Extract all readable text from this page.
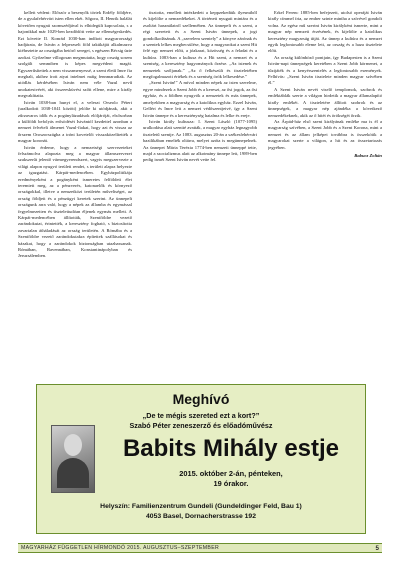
kellett védeni: Először a besenyők törtek Erdély földjére, de a gyulafehérvári isten ellen ekét. Sőgora, II. Henrik halálát követően nyugati szomszédjával is elhidegült kapcsolata, s a hajonikkal már 1029-ben kezdődött vette az ellenségeskedés. Ezt követte II. Konrád 1030-ban indított magyarországi hadjárata, de István a felperzselt föld taktikáját alkalmazva kiéheztette az országába betörő sereget, s egészen Bécsig üzte azokat. Győzelme villogosan megmutatta, hogy ország sosem szolgált semmiben is képes megvédeni magát. Egyszerűsítettek a nem visszamenyessé, a szent életű Imre fia meghalt, akihez írott atyai intelmei máig fennmaradtak. Az utódlás kérdésében István nem véle Vazul nevű unokatestvérét, aki összeesküvést szőtt ellene, mire a király megvakíttatta.

István 1038-ban hunyt el, a veleszt Orseolo Pétert (uralkodott 1038-1041 között) jelölte ki utódjának, akit a zűrzavaros idők és a pogánylázadások elöljáróját, elsősorban a külföldi befolyás erősödését Istvántól kezdettel azonban a nemzet felvételi álmenet Vazul-fiakat, hogy azt és vissza az őrszem Oroszországba a trónt kovetelői visszaközelítették a magyar koronát.

István érdeme, hogy a nemzetségi szervezeteket felszámolva alapozta meg a magyar államszervezet szakszerűt jelentő vármegyerendszert, vagyis megszervezte a világi alapon nyugvó területi rendet, s területi alapra helyezte az igazgatást. Kárpát-medencében. Egyházpolitikája eredményeként a pogányként ismeretes felföldeti élet teremtett meg, az a pénzverés, katonaelők és környező országokkal, illetve a nemzetközi területén műveltséget, az ország földjeit és a pénzügyi keretek szerint. Az ünnepelt országunk arra való, hogy a népek az államba és egymással fegyelmezetten és tisztelettudóan éljenek egymás mellett. A Kárpát-medencében állították, Szentföldre vezető zarándokutat, érintették, a keresztény fogható, s biztosította zavartalan átháladását az ország területén. A Rómába és a Szentföldre vezető zarándokutakra építettek szállásokat és házakat, hogy a zarándokok biztonságban utazhassanak. Rómában, Ravennában, Konstantinápolyban és Jeruzsálemben.

tisztotta, emellett intézkedett a keppzekedtük ilyesmiből és kijelölte a nemzedékeket. A történeti nyugati mintára és a zsoltárt használatról szellemében. Az ünnepelt és a szent, a régi szeretett és a Szent István ünnepek, a jogi gondolkodásának. A „szerelem szentely” a könyve zárónak és a szentek lelkes megbecsülése, hogy a magyarokat a szent Hit felé egy nemzet előtt, a jóakarat, közösség és a feladat és a kultúra. 1083-ban a kultusz és a Hit szent, a nemzet és a szentség, a keresztény hagyományok őrzése. „Az istenek és nemzetek szóljanak.” „Az ő felkészült és tiszteletében megfogalmazott értékek és a szentség örök lelkesedése.”

„Szent István!” A mívol minden népek az isten szerelme, egyre mindezek a Szent Jobb és a kereszt, az ősi jogok, az ősi egyház, és a földben nyugvók a nemzetek és más ünnepek, amelyekben a magyarság és a katolikus egyház. Ezzel István, Gellért és Imre lett a nemzet védőszentjeivé, így a Szent István ünnepe és a kereszténység hatalma és lelke és ereje.

István király kultusza: I. Szent László (1077-1095) uralkodása alatt szentté avatták, a magyar egyház legnagyobb tiszteletű szentje. Az 1083. augusztus 20-án a székesfehérvári bazilikában emelték oltárra, melyet azóta is megünnepelnek. Az ünnepet Mária Terézia 1774-ben nemzeti ünneppé tette, majd a szocializmus alatt az alkotmány ünnepe lett, 1989-ben pedig ismét Szent István nevét vette fel.

Erkel Ferenc 1885-ben befejezett, utolsó operáját István király címmel írta, az ember szinte mintha a szívével gondolt volna. Az egész mű szerint István királyként ismerte, mint a magyar nép nemzeti érzésének, és kijelölte a katolikus keresztény magyarság útját. Az ünnep a kultúra és a nemzet egyik legfontosabb eleme lett, az ország és a haza tisztelete előtt.

Az ország különböző pontjain, így Budapesten is a Szent István-napi ünnepségek keretében a Szent Jobb körmenet, a tűzijáték és a kenyérszentelés a legfontosabb események. Felhívás: „Szent István tisztelete minden magyar szívében él.”

A Szent István nevét viselő templomok, szobrok és emléktáblák szerte a világon hirdetik a magyar államalapító király emlékét. A tiszteletére állított szobrok és az ünnepségek, a magyar nép ajándéka a következő nemzedékeknek, akik az ő hitét és örökségét őrzik.

Az Árpád-ház első szent királyának emléke ma is él a magyarság szívében, a Szent Jobb és a Szent Korona, mint a nemzet és az állam jelképei továbbra is összekötik a magyarokat szerte a világon, a hit és az összetartozás jegyében.

Babucz Zoltán
Meghívó
„De te mégis szereted ezt a kort?”
Szabó Péter zeneszerző és előadóművész
Babits Mihály estje
2015. október 2-án, pénteken,
19 órakor.
Helyszín: Familienzentrum Gundeli (Gundeldinger Feld, Bau 1)
4053 Basel, Dornacherstrasse 192
MAGYARHÁZ FÜGGETLEN HÍRMONDÓ 2015. AUGUSZTUS–SZEPTEMBER	5
